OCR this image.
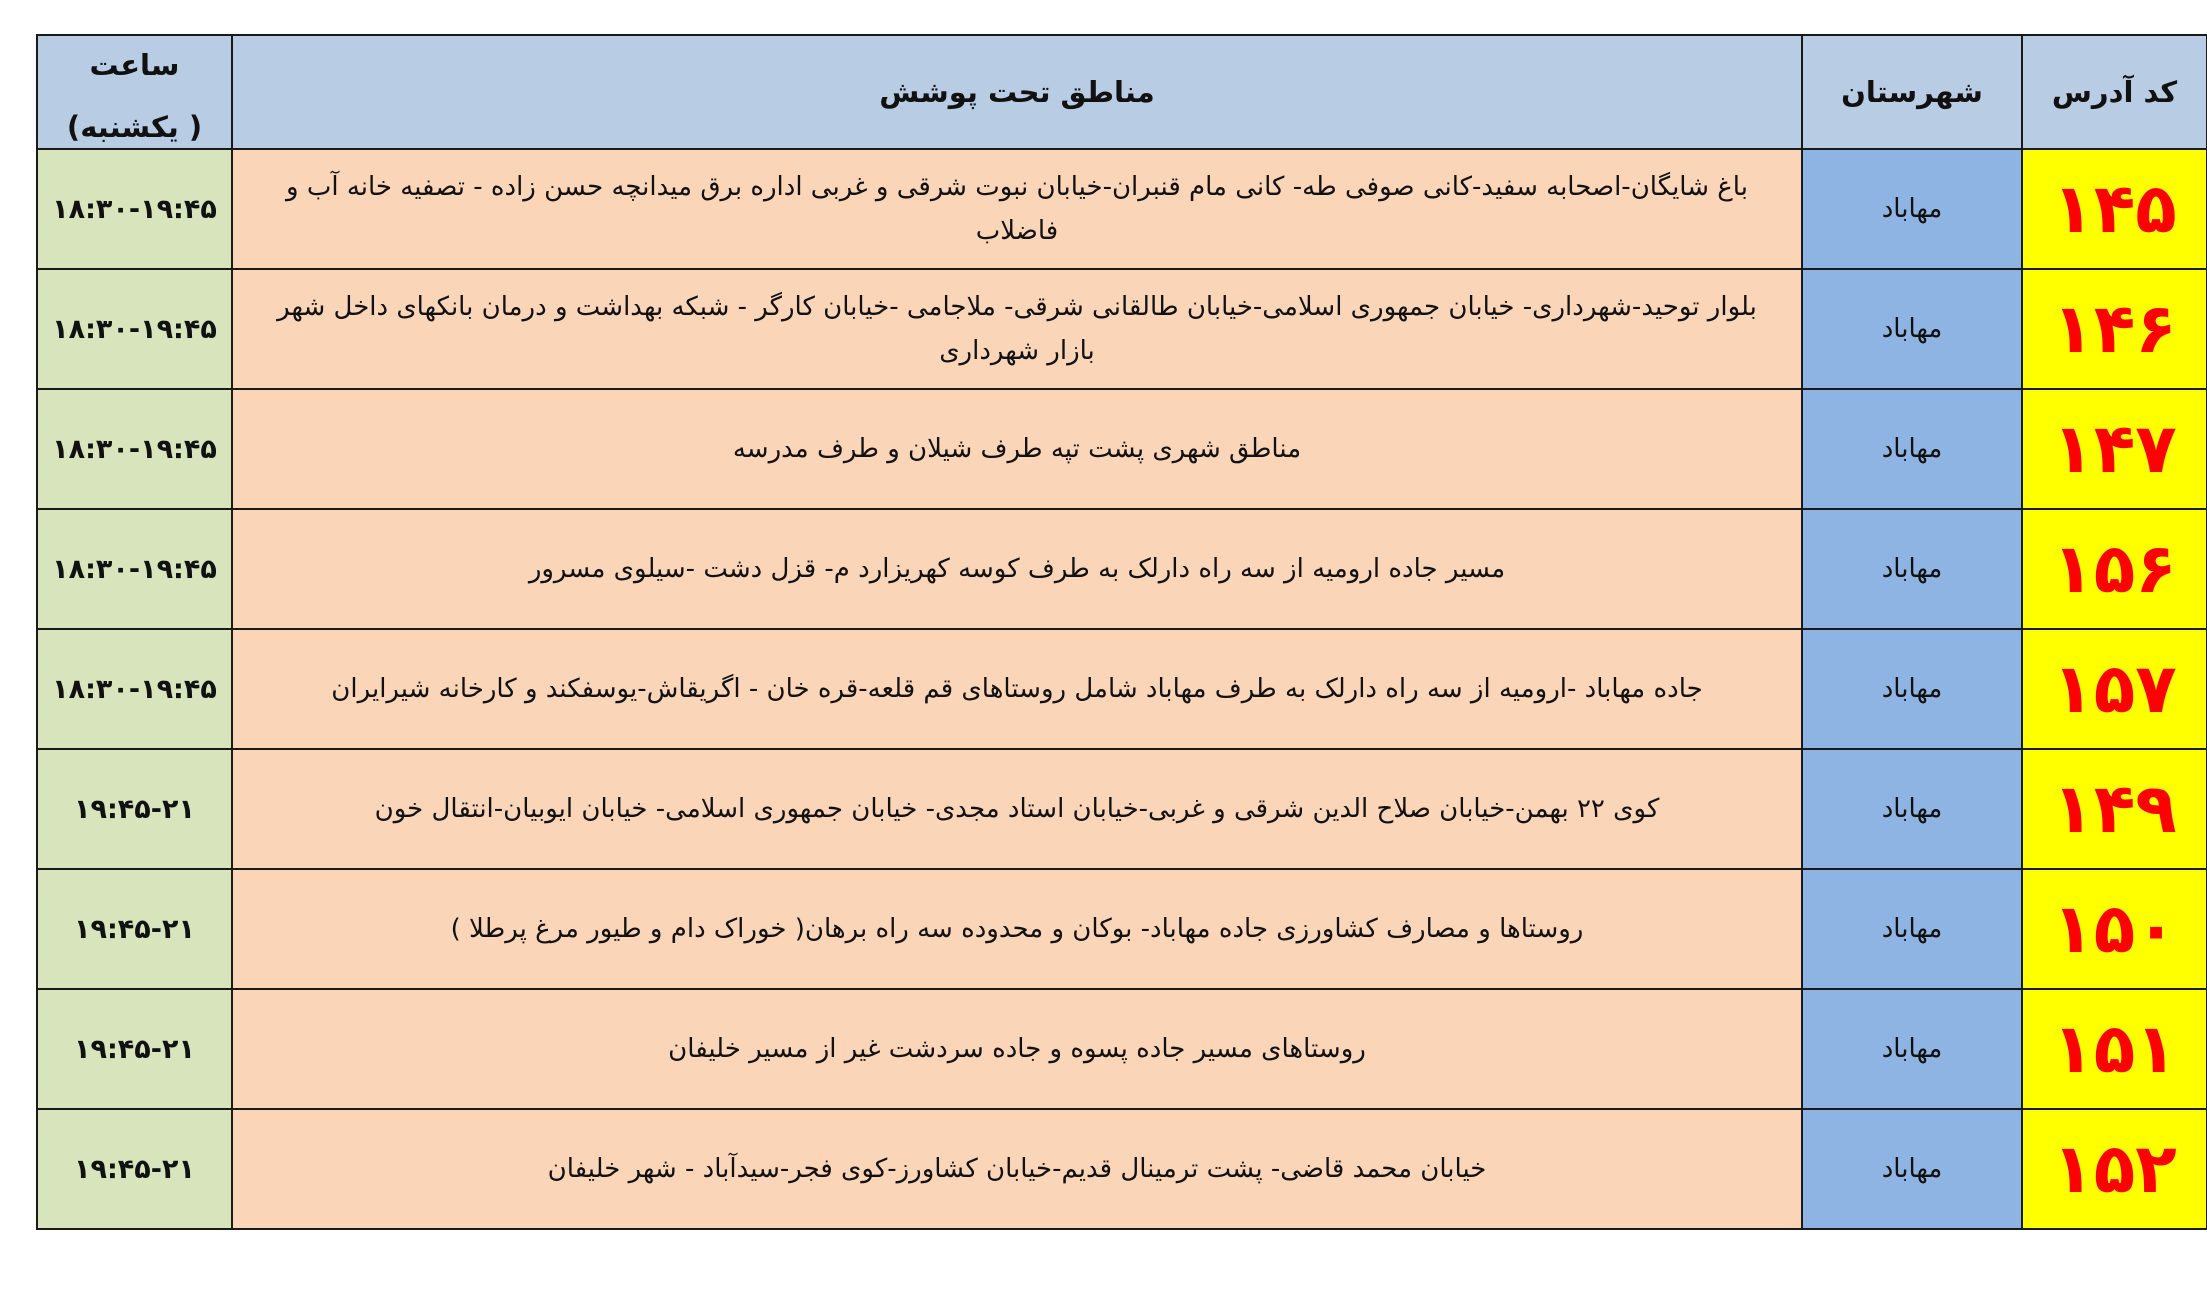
ساعت
(یکشنبه )	مناطق تحت پوشش	شهرستان	کد آدرس
۱۸:۳۰-۱۹:۴۵	باغ شایگان-اصحابه سفید-کانی صوفی طه- کانی مام قنبران-خیابان نبوت شرقی و غربی اداره برق میدانچه حسن زاده - تصفیه خانه آب و فاضلاب	مهاباد	۱۴۵
۱۸:۳۰-۱۹:۴۵	بلوار توحید-شهرداری- خیابان جمهوری اسلامی-خیابان طالقانی شرقی- ملاجامی -خیابان کارگر - شبکه بهداشت و درمان بانکهای داخل شهر بازار شهرداری	مهاباد	۱۴۶
۱۸:۳۰-۱۹:۴۵	مناطق شهری پشت تپه طرف شیلان و طرف مدرسه	مهاباد	۱۴۷
۱۸:۳۰-۱۹:۴۵	مسیر جاده ارومیه از سه راه دارلک به طرف کوسه کهریزارد م- قزل دشت -سیلوی مسرور	مهاباد	۱۵۶
۱۸:۳۰-۱۹:۴۵	جاده مهاباد -ارومیه از سه راه دارلک به طرف مهاباد شامل روستاهای قم قلعه-قره خان - اگریقاش-یوسفکند و کارخانه شیرایران	مهاباد	۱۵۷
۱۹:۴۵-۲۱	کوی ۲۲ بهمن-خیابان صلاح الدین شرقی و غربی-خیابان استاد مجدی- خیابان جمهوری اسلامی- خیابان ایوبیان-انتقال خون	مهاباد	۱۴۹
۱۹:۴۵-۲۱	روستاها و مصارف کشاورزی جاده مهاباد- بوکان و محدوده سه راه برهان( خوراک دام و طیور مرغ پرطلا )	مهاباد	۱۵۰
۱۹:۴۵-۲۱	روستاهای مسیر جاده پسوه و جاده سردشت غیر از مسیر خلیفان	مهاباد	۱۵۱
۱۹:۴۵-۲۱	خیابان محمد قاضی- پشت ترمینال قدیم-خیابان کشاورز-کوی فجر-سیدآباد - شهر خلیفان	مهاباد	۱۵۲
